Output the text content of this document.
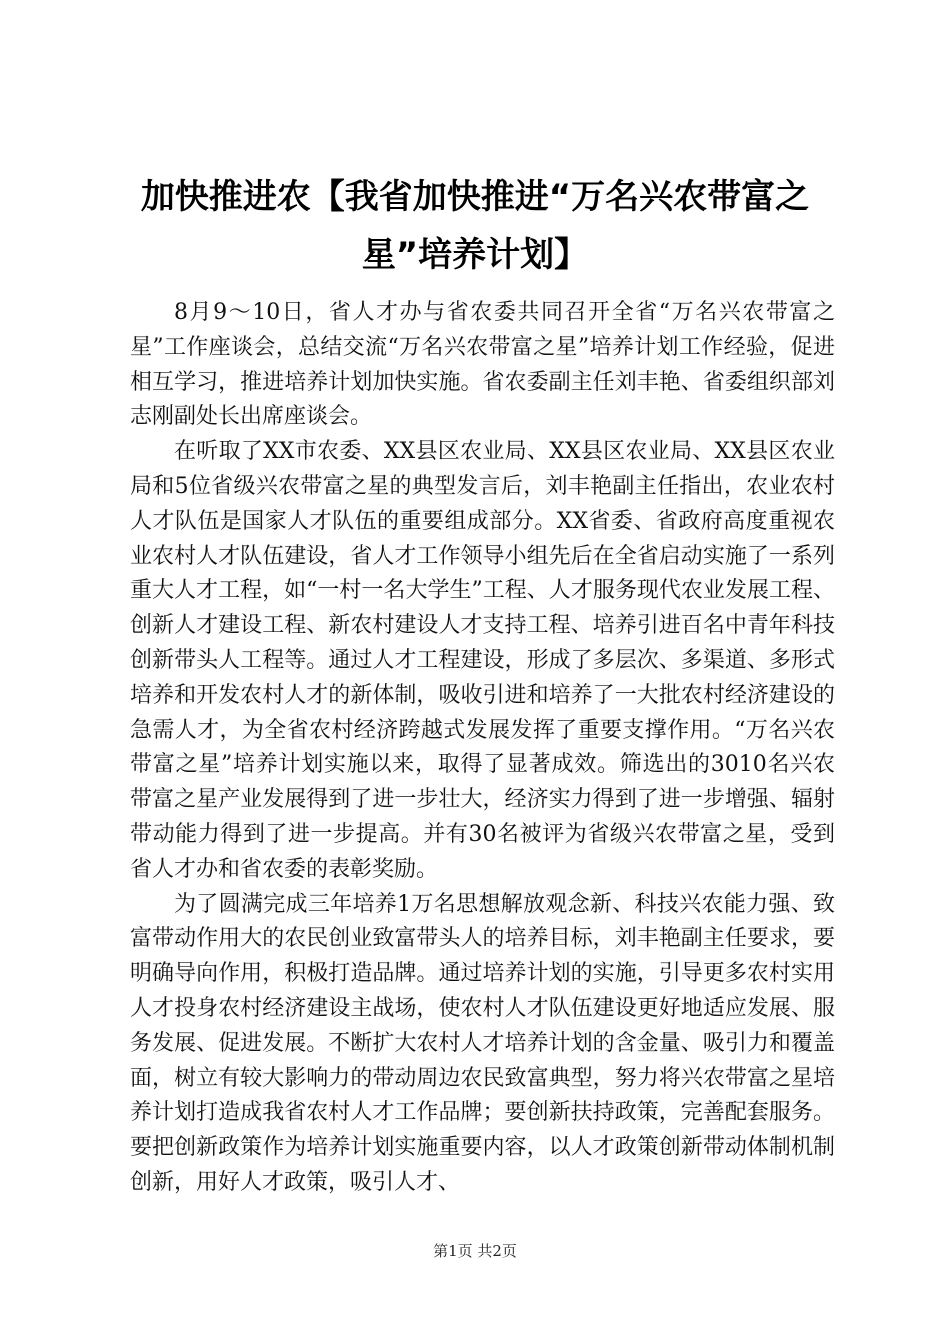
加快推进农【我省加快推进“万名兴农带富之星”培养计划】

8月9～10日，省人才办与省农委共同召开全省“万名兴农带富之星”工作座谈会，总结交流“万名兴农带富之星”培养计划工作经验，促进相互学习，推进培养计划加快实施。省农委副主任刘丰艳、省委组织部刘志刚副处长出席座谈会。

在听取了XX市农委、XX县区农业局、XX县区农业局、XX县区农业局和5位省级兴农带富之星的典型发言后，刘丰艳副主任指出，农业农村人才队伍是国家人才队伍的重要组成部分。XX省委、省政府高度重视农业农村人才队伍建设，省人才工作领导小组先后在全省启动实施了一系列重大人才工程，如“一村一名大学生”工程、人才服务现代农业发展工程、创新人才建设工程、新农村建设人才支持工程、培养引进百名中青年科技创新带头人工程等。通过人才工程建设，形成了多层次、多渠道、多形式培养和开发农村人才的新体制，吸收引进和培养了一大批农村经济建设的急需人才，为全省农村经济跨越式发展发挥了重要支撑作用。“万名兴农带富之星”培养计划实施以来，取得了显著成效。筛选出的3010名兴农带富之星产业发展得到了进一步壮大，经济实力得到了进一步增强、辐射带动能力得到了进一步提高。并有30名被评为省级兴农带富之星，受到省人才办和省农委的表彰奖励。

为了圆满完成三年培养1万名思想解放观念新、科技兴农能力强、致富带动作用大的农民创业致富带头人的培养目标，刘丰艳副主任要求，要明确导向作用，积极打造品牌。通过培养计划的实施，引导更多农村实用人才投身农村经济建设主战场，使农村人才队伍建设更好地适应发展、服务发展、促进发展。不断扩大农村人才培养计划的含金量、吸引力和覆盖面，树立有较大影响力的带动周边农民致富典型，努力将兴农带富之星培养计划打造成我省农村人才工作品牌；要创新扶持政策，完善配套服务。要把创新政策作为培养计划实施重要内容，以人才政策创新带动体制机制创新，用好人才政策，吸引人才、

第1页 共2页
